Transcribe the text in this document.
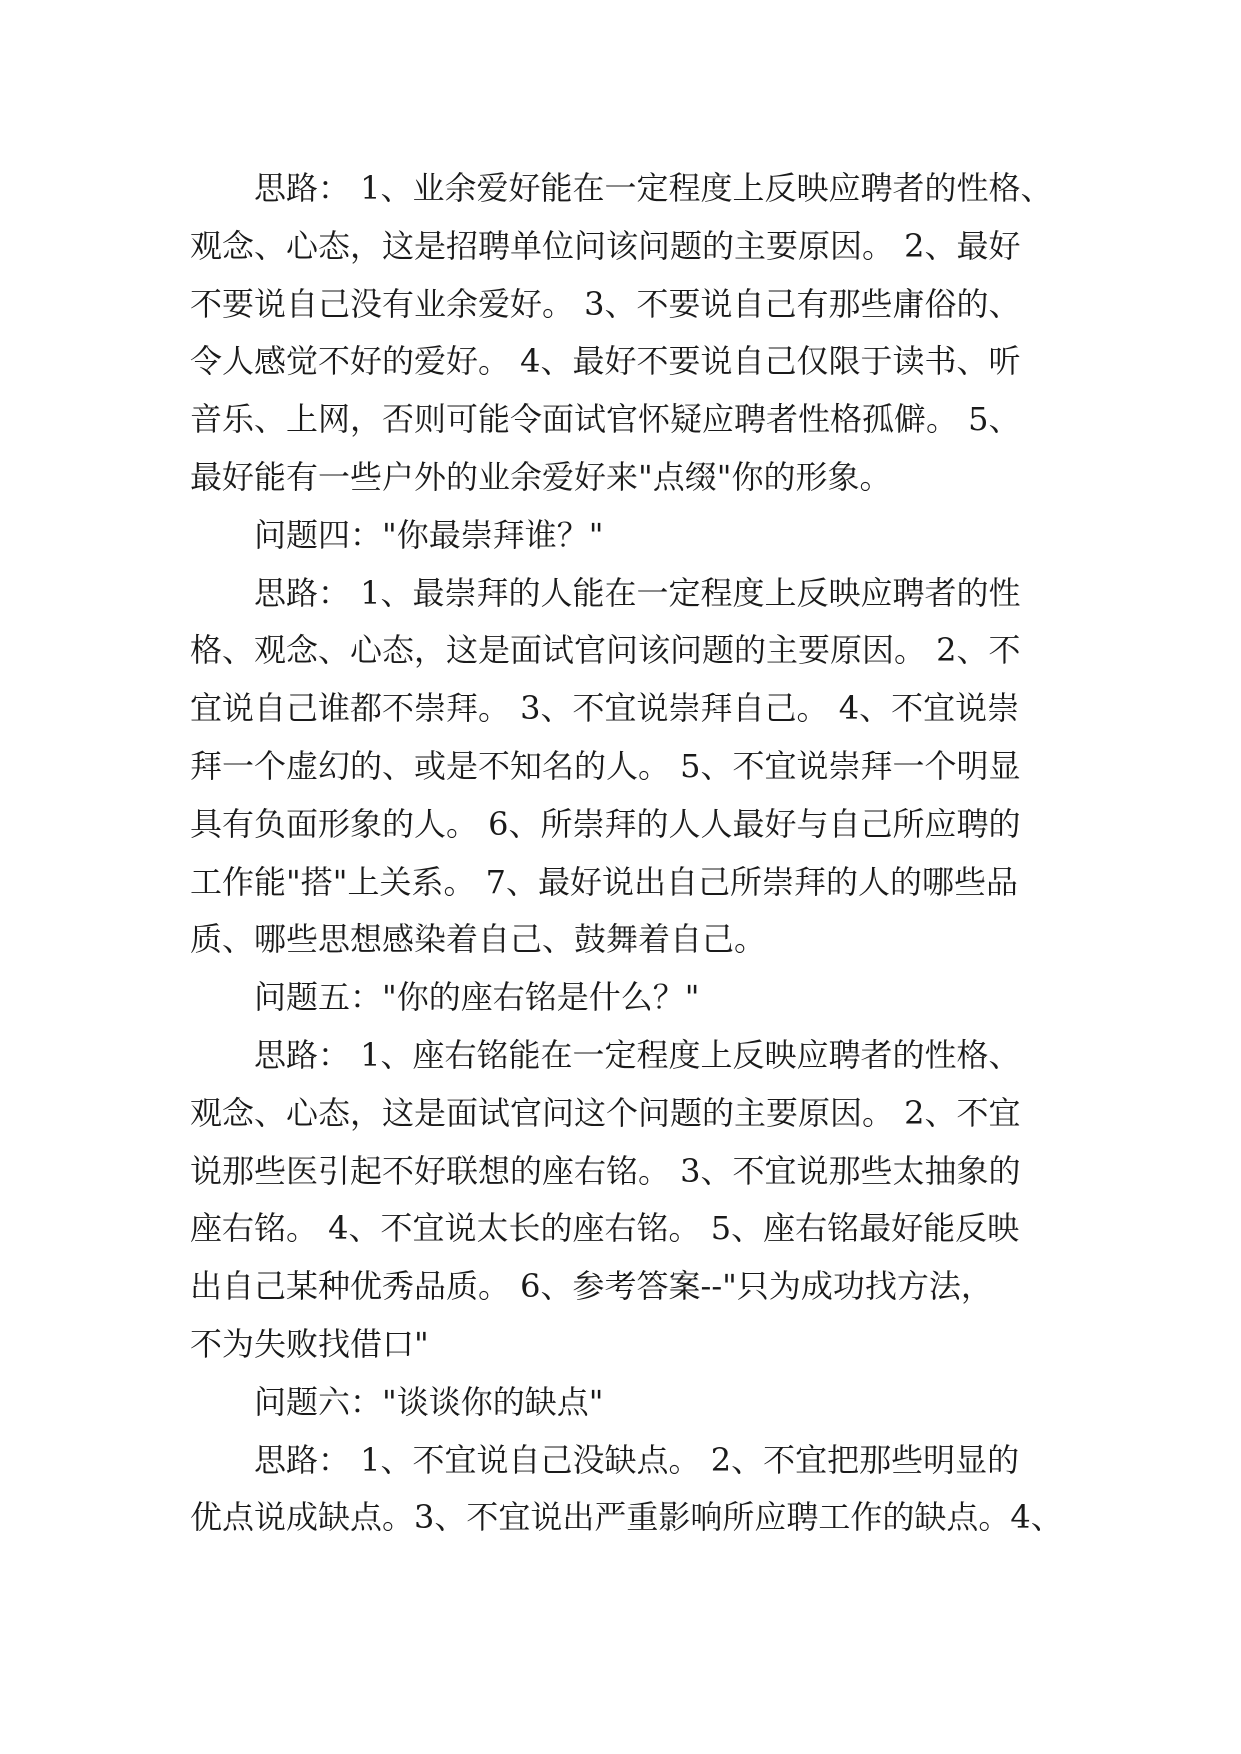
思路： 1、业余爱好能在一定程度上反映应聘者的性格、
观念、心态，这是招聘单位问该问题的主要原因。 2、最好
不要说自己没有业余爱好。 3、不要说自己有那些庸俗的、
令人感觉不好的爱好。 4、最好不要说自己仅限于读书、听
音乐、上网，否则可能令面试官怀疑应聘者性格孤僻。 5、
最好能有一些户外的业余爱好来"点缀"你的形象。
问题四："你最崇拜谁？"
思路： 1、最崇拜的人能在一定程度上反映应聘者的性
格、观念、心态，这是面试官问该问题的主要原因。 2、不
宜说自己谁都不崇拜。 3、不宜说崇拜自己。 4、不宜说崇
拜一个虚幻的、或是不知名的人。 5、不宜说崇拜一个明显
具有负面形象的人。 6、所崇拜的人人最好与自己所应聘的
工作能"搭"上关系。 7、最好说出自己所崇拜的人的哪些品
质、哪些思想感染着自己、鼓舞着自己。
问题五："你的座右铭是什么？"
思路： 1、座右铭能在一定程度上反映应聘者的性格、
观念、心态，这是面试官问这个问题的主要原因。 2、不宜
说那些医引起不好联想的座右铭。 3、不宜说那些太抽象的
座右铭。 4、不宜说太长的座右铭。 5、座右铭最好能反映
出自己某种优秀品质。 6、参考答案--"只为成功找方法，
不为失败找借口"
问题六："谈谈你的缺点"
思路： 1、不宜说自己没缺点。 2、不宜把那些明显的
优点说成缺点。3、不宜说出严重影响所应聘工作的缺点。4、
